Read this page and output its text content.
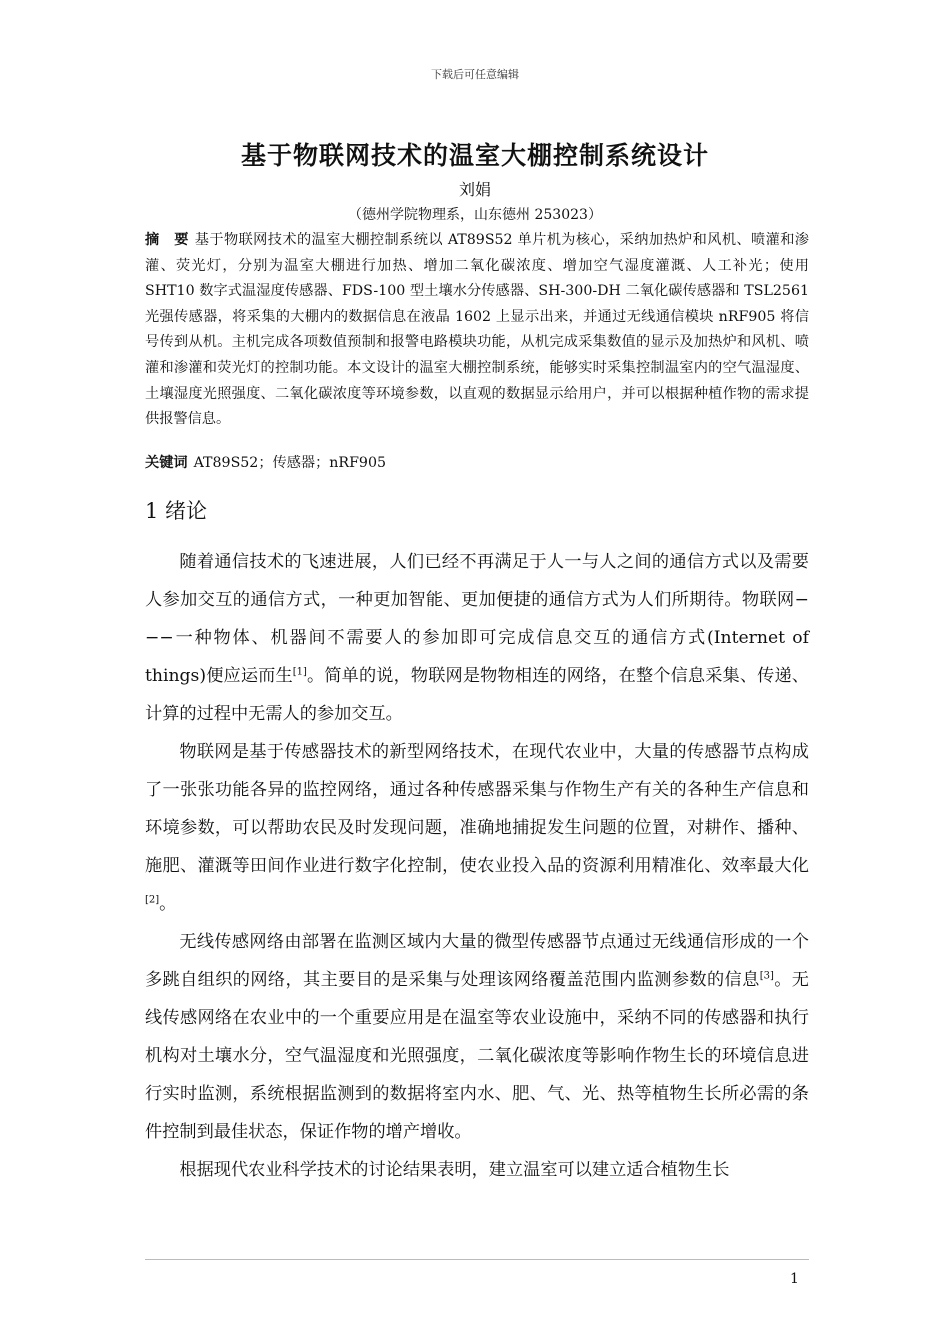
下载后可任意编辑
基于物联网技术的温室大棚控制系统设计
刘娟
（德州学院物理系，山东德州 253023）

摘　要 基于物联网技术的温室大棚控制系统以 AT89S52 单片机为核心，采纳加热炉和风机、喷灌和渗灌、荧光灯，分别为温室大棚进行加热、增加二氧化碳浓度、增加空气湿度灌溉、人工补光；使用 SHT10 数字式温湿度传感器、FDS-100 型土壤水分传感器、SH-300-DH 二氧化碳传感器和 TSL2561 光强传感器，将采集的大棚内的数据信息在液晶 1602 上显示出来，并通过无线通信模块 nRF905 将信号传到从机。主机完成各项数值预制和报警电路模块功能，从机完成采集数值的显示及加热炉和风机、喷灌和渗灌和荧光灯的控制功能。本文设计的温室大棚控制系统，能够实时采集控制温室内的空气温湿度、土壤湿度光照强度、二氧化碳浓度等环境参数，以直观的数据显示给用户，并可以根据种植作物的需求提供报警信息。

关键词 AT89S52；传感器；nRF905

1 绪论

随着通信技术的飞速进展，人们已经不再满足于人一与人之间的通信方式以及需要人参加交互的通信方式，一种更加智能、更加便捷的通信方式为人们所期待。物联网−−−一种物体、机器间不需要人的参加即可完成信息交互的通信方式(Internet of things)便应运而生[1]。简单的说，物联网是物物相连的网络，在整个信息采集、传递、计算的过程中无需人的参加交互。

物联网是基于传感器技术的新型网络技术，在现代农业中，大量的传感器节点构成了一张张功能各异的监控网络，通过各种传感器采集与作物生产有关的各种生产信息和环境参数，可以帮助农民及时发现问题，准确地捕捉发生问题的位置，对耕作、播种、施肥、灌溉等田间作业进行数字化控制，使农业投入品的资源利用精准化、效率最大化[2]。

无线传感网络由部署在监测区域内大量的微型传感器节点通过无线通信形成的一个多跳自组织的网络，其主要目的是采集与处理该网络覆盖范围内监测参数的信息[3]。无线传感网络在农业中的一个重要应用是在温室等农业设施中，采纳不同的传感器和执行机构对土壤水分，空气温湿度和光照强度，二氧化碳浓度等影响作物生长的环境信息进行实时监测，系统根据监测到的数据将室内水、肥、气、光、热等植物生长所必需的条件控制到最佳状态，保证作物的增产增收。

根据现代农业科学技术的讨论结果表明，建立温室可以建立适合植物生长

1
